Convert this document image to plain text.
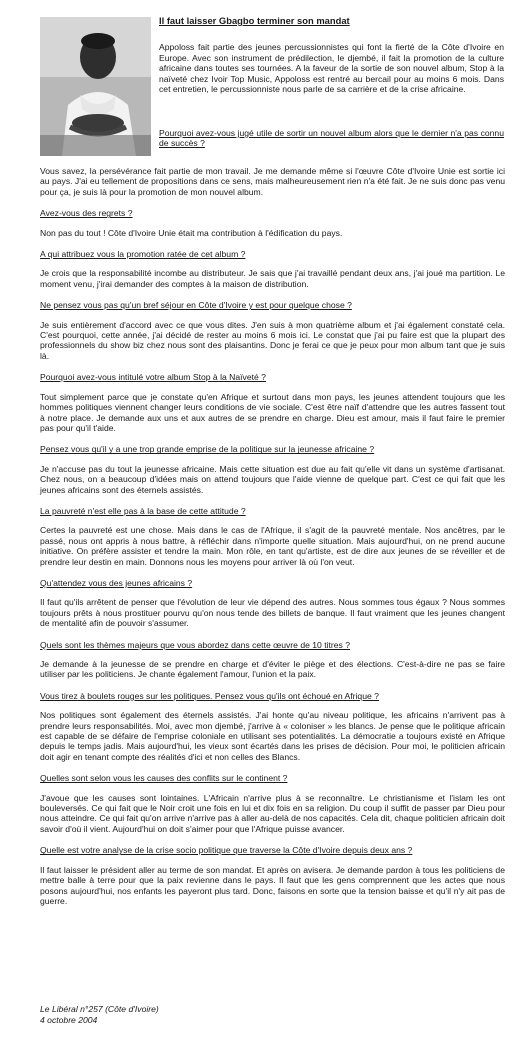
Il faut laisser Gbagbo terminer son mandat
Appoloss fait partie des jeunes percussionnistes qui font la fierté de la Côte d'Ivoire en Europe. Avec son instrument de prédilection, le djembé, il fait la promotion de la culture africaine dans toutes ses tournées. A la faveur de la sortie de son nouvel album, Stop à la naïveté chez Ivoir Top Music, Appoloss est rentré au bercail pour au moins 6 mois. Dans cet entretien, le percussionniste nous parle de sa carrière et de la crise africaine.
Pourquoi avez-vous jugé utile de sortir un nouvel album alors que le dernier n'a pas connu de succès ?

Vous savez, la persévérance fait partie de mon travail. Je me demande même si l'œuvre Côte d'Ivoire Unie est sortie ici au pays. J'ai eu tellement de propositions dans ce sens, mais malheureusement rien n'a été fait. Je ne suis donc pas venu pour ça, je suis là pour la promotion de mon nouvel album.

Avez-vous des regrets ?

Non pas du tout ! Côte d'Ivoire Unie était ma contribution à l'édification du pays.

A qui attribuez vous la promotion ratée de cet album ?

Je crois que la responsabilité incombe au distributeur. Je sais que j'ai travaillé pendant deux ans, j'ai joué ma partition. Le moment venu, j'irai demander des comptes à la maison de distribution.

Ne pensez vous pas qu'un bref séjour en Côte d'Ivoire y est pour quelque chose ?

Je suis entièrement d'accord avec ce que vous dites. J'en suis à mon quatrième album et j'ai également constaté cela. C'est pourquoi, cette année, j'ai décidé de rester au moins 6 mois ici. Le constat que j'ai pu faire est que la plupart des professionnels du show biz chez nous sont des plaisantins. Donc je ferai ce que je peux pour mon album tant que je suis là.

Pourquoi avez-vous intitulé votre album Stop à la Naïveté ?

Tout simplement parce que je constate qu'en Afrique et surtout dans mon pays, les jeunes attendent toujours que les hommes politiques viennent changer leurs conditions de vie sociale. C'est être naïf d'attendre que les autres fassent tout à notre place. Je demande aux uns et aux autres de se prendre en charge. Dieu est amour, mais il faut faire le premier pas pour qu'il t'aide.

Pensez vous qu'il y a une trop grande emprise de la politique sur la jeunesse africaine ?

Je n'accuse pas du tout la jeunesse africaine. Mais cette situation est due au fait qu'elle vit dans un système d'artisanat. Chez nous, on a beaucoup d'idées mais on attend toujours que l'aide vienne de quelque part. C'est ce qui fait que les jeunes africains sont des éternels assistés.

La pauvreté n'est elle pas à la base de cette attitude ?

Certes la pauvreté est une chose. Mais dans le cas de l'Afrique, il s'agit de la pauvreté mentale. Nos ancêtres, par le passé, nous ont appris à nous battre, à réfléchir dans n'importe quelle situation. Mais aujourd'hui, on ne prend aucune initiative. On préfère assister et tendre la main. Mon rôle, en tant qu'artiste, est de dire aux jeunes de se réveiller et de prendre leur destin en main. Donnons nous les moyens pour arriver là où l'on veut.

Qu'attendez vous des jeunes africains ?

Il faut qu'ils arrêtent de penser que l'évolution de leur vie dépend des autres. Nous sommes tous égaux ? Nous sommes toujours prêts à nous prostituer pourvu qu'on nous tende des billets de banque. Il faut vraiment que les jeunes changent de mentalité afin de pouvoir s'assumer.

Quels sont les thèmes majeurs que vous abordez dans cette œuvre de 10 titres ?

Je demande à la jeunesse de se prendre en charge et d'éviter le piège et des élections. C'est-à-dire ne pas se faire utiliser par les politiciens. Je chante également l'amour, l'union et la paix.

Vous tirez à boulets rouges sur les politiques. Pensez vous qu'ils ont échoué en Afrique ?

Nos politiques sont également des éternels assistés. J'ai honte qu'au niveau politique, les africains n'arrivent pas à prendre leurs responsabilités. Moi, avec mon djembé, j'arrive à « coloniser » les blancs. Je pense que le politique africain est capable de se défaire de l'emprise coloniale en utilisant ses potentialités. La démocratie a toujours existé en Afrique depuis le temps jadis. Mais aujourd'hui, les vieux sont écartés dans les prises de décision. Pour moi, le politicien africain doit agir en tenant compte des réalités d'ici et non celles des Blancs.

Quelles sont selon vous les causes des conflits sur le continent ?

J'avoue que les causes sont lointaines. L'Africain n'arrive plus à se reconnaître. Le christianisme et l'islam les ont bouleversés. Ce qui fait que le Noir croit une fois en lui et dix fois en sa religion. Du coup il suffit de passer par Dieu pour nous atteindre. Ce qui fait qu'on arrive n'arrive pas à aller au-delà de nos capacités. Cela dit, chaque politicien africain doit savoir d'où il vient. Aujourd'hui on doit s'aimer pour que l'Afrique puisse avancer.

Quelle est votre analyse de la crise socio politique que traverse la Côte d'Ivoire depuis deux ans ?

Il faut laisser le président aller au terme de son mandat. Et après on avisera. Je demande pardon à tous les politiciens de mettre balle à terre pour que la paix revienne dans le pays. Il faut que les gens comprennent que les actes que nous posons aujourd'hui, nos enfants les payeront plus tard. Donc, faisons en sorte que la tension baisse et qu'il n'y ait pas de guerre.

Le Libéral n°257 (Côte d'Ivoire)
4 octobre 2004
